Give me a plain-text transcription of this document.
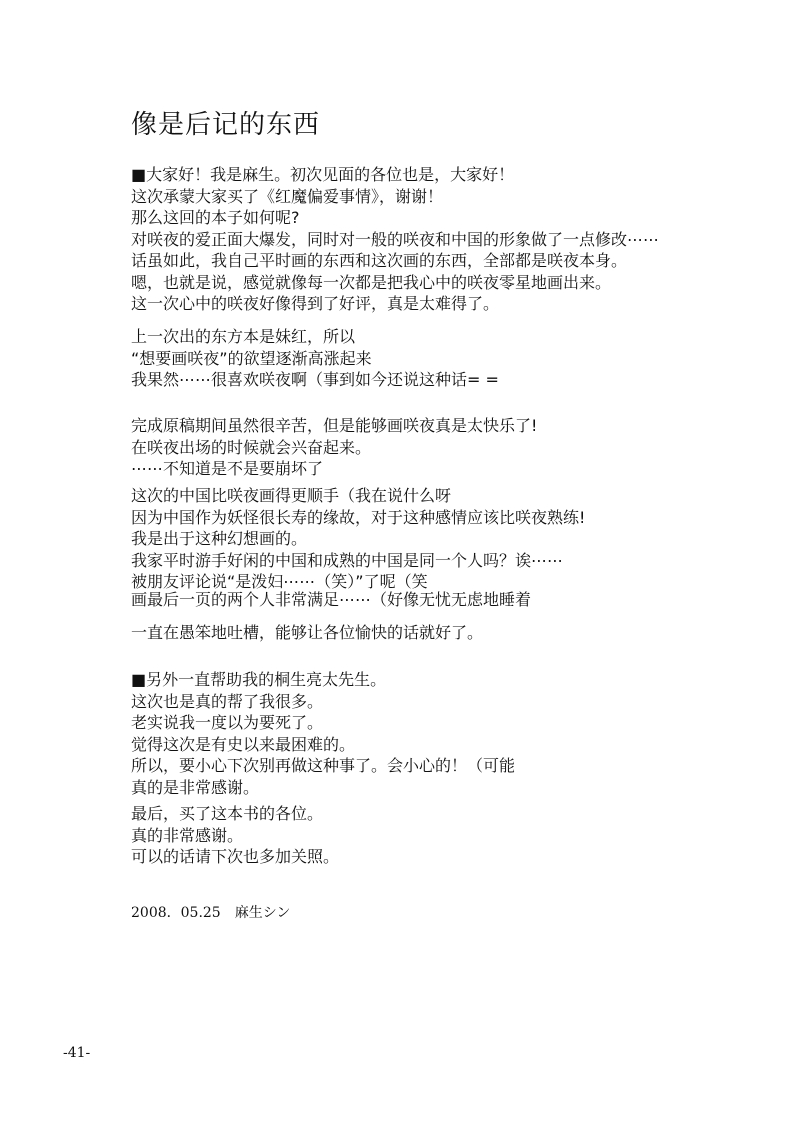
像是后记的东西
■大家好！我是麻生。初次见面的各位也是，大家好！
这次承蒙大家买了《红魔偏爱事情》，谢谢！
那么这回的本子如何呢?
对咲夜的爱正面大爆发，同时对一般的咲夜和中国的形象做了一点修改⋯⋯
话虽如此，我自己平时画的东西和这次画的东西，全部都是咲夜本身。
嗯，也就是说，感觉就像每一次都是把我心中的咲夜零星地画出来。
这一次心中的咲夜好像得到了好评，真是太难得了。
上一次出的东方本是妹红，所以
“想要画咲夜”的欲望逐渐高涨起来
我果然⋯⋯很喜欢咲夜啊（事到如今还说这种话= =
完成原稿期间虽然很辛苦，但是能够画咲夜真是太快乐了!
在咲夜出场的时候就会兴奋起来。
⋯⋯不知道是不是要崩坏了
这次的中国比咲夜画得更顺手（我在说什么呀
因为中国作为妖怪很长寿的缘故，对于这种感情应该比咲夜熟练!
我是出于这种幻想画的。
我家平时游手好闲的中国和成熟的中国是同一个人吗？诶⋯⋯
被朋友评论说“是泼妇⋯⋯（笑）”了呢（笑
画最后一页的两个人非常满足⋯⋯（好像无忧无虑地睡着
一直在愚笨地吐槽，能够让各位愉快的话就好了。
■另外一直帮助我的桐生亮太先生。
这次也是真的帮了我很多。
老实说我一度以为要死了。
觉得这次是有史以来最困难的。
所以，要小心下次别再做这种事了。会小心的！（可能
真的是非常感谢。
最后，买了这本书的各位。
真的非常感谢。
可以的话请下次也多加关照。
2008．05.25　麻生シン
-41-
